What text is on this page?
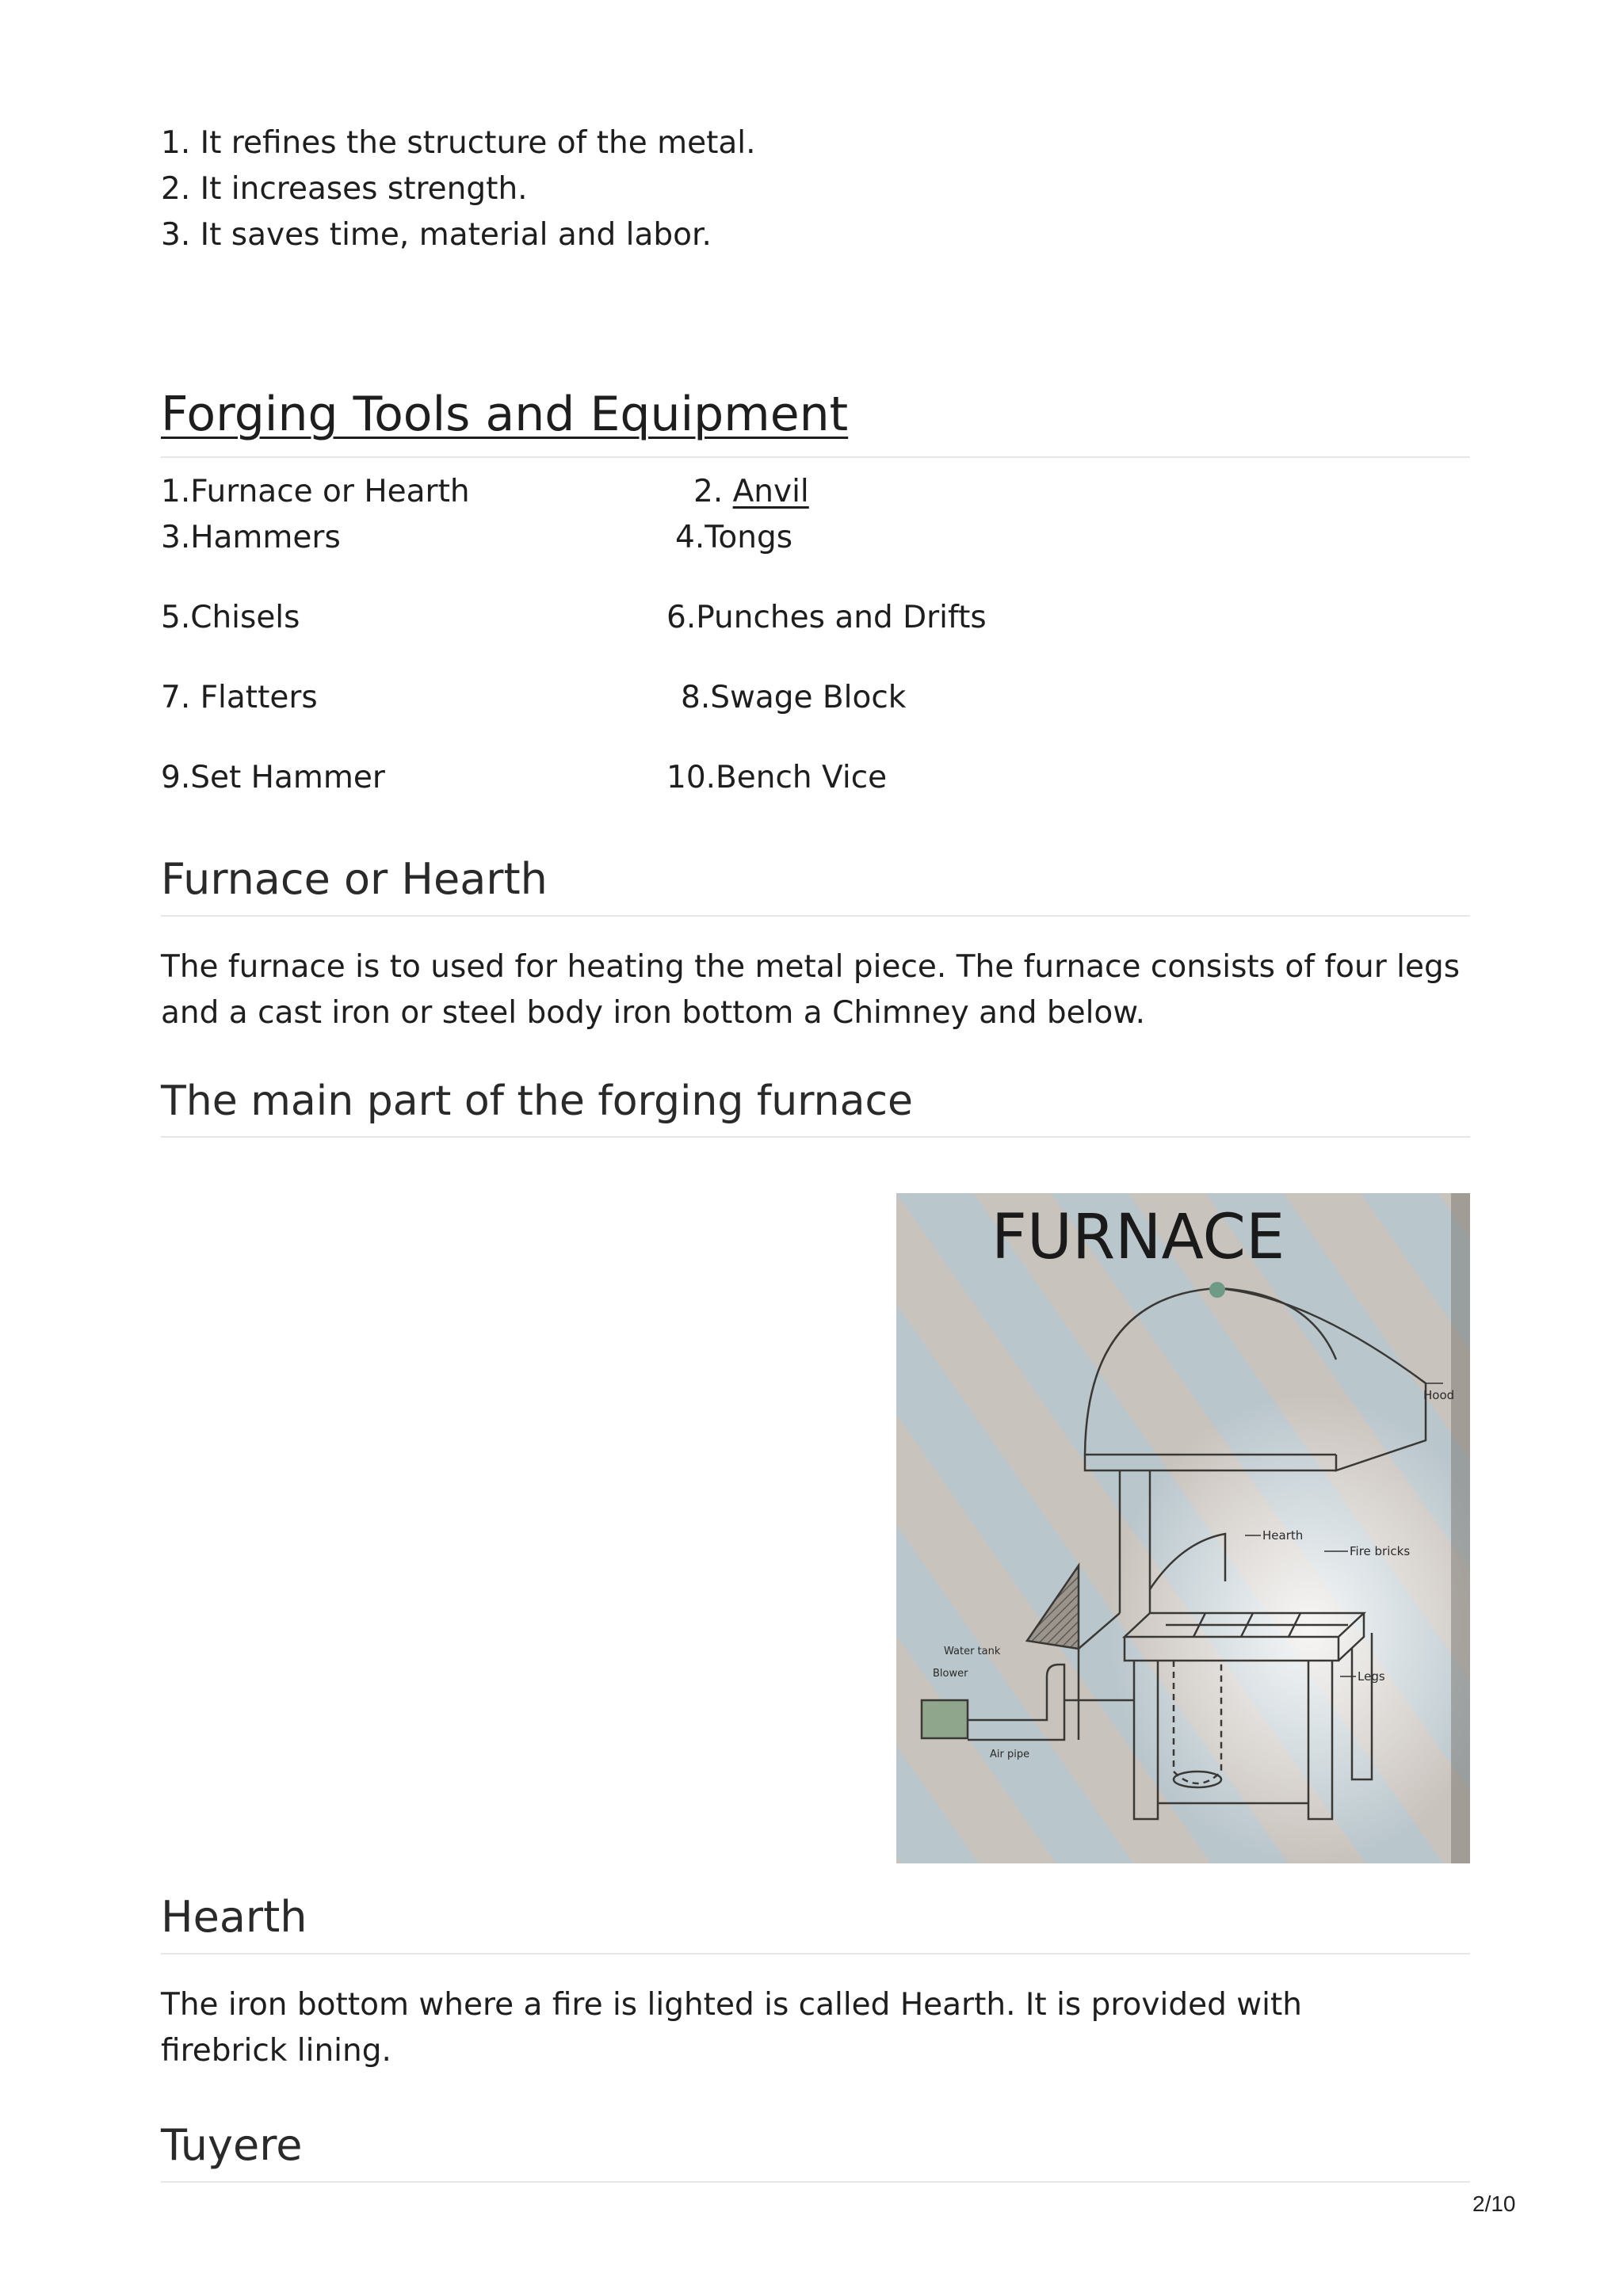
1. It refines the structure of the metal.
2. It increases strength.
3. It saves time, material and labor.
Forging Tools and Equipment
1.Furnace or Hearth	2. Anvil
3.Hammers	4.Tongs
5.Chisels	6.Punches and Drifts
7. Flatters	8.Swage Block
9.Set Hammer	10.Bench Vice
Furnace or Hearth
The furnace is to used for heating the metal piece. The furnace consists of four legs and a cast iron or steel body iron bottom a Chimney and below.
The main part of the forging furnace
FURNACE
Hood
Hearth
Fire bricks
Water tank
Blower	Legs
Air pipe
Hearth
The iron bottom where a fire is lighted is called Hearth. It is provided with firebrick lining.
Tuyere
2/10
